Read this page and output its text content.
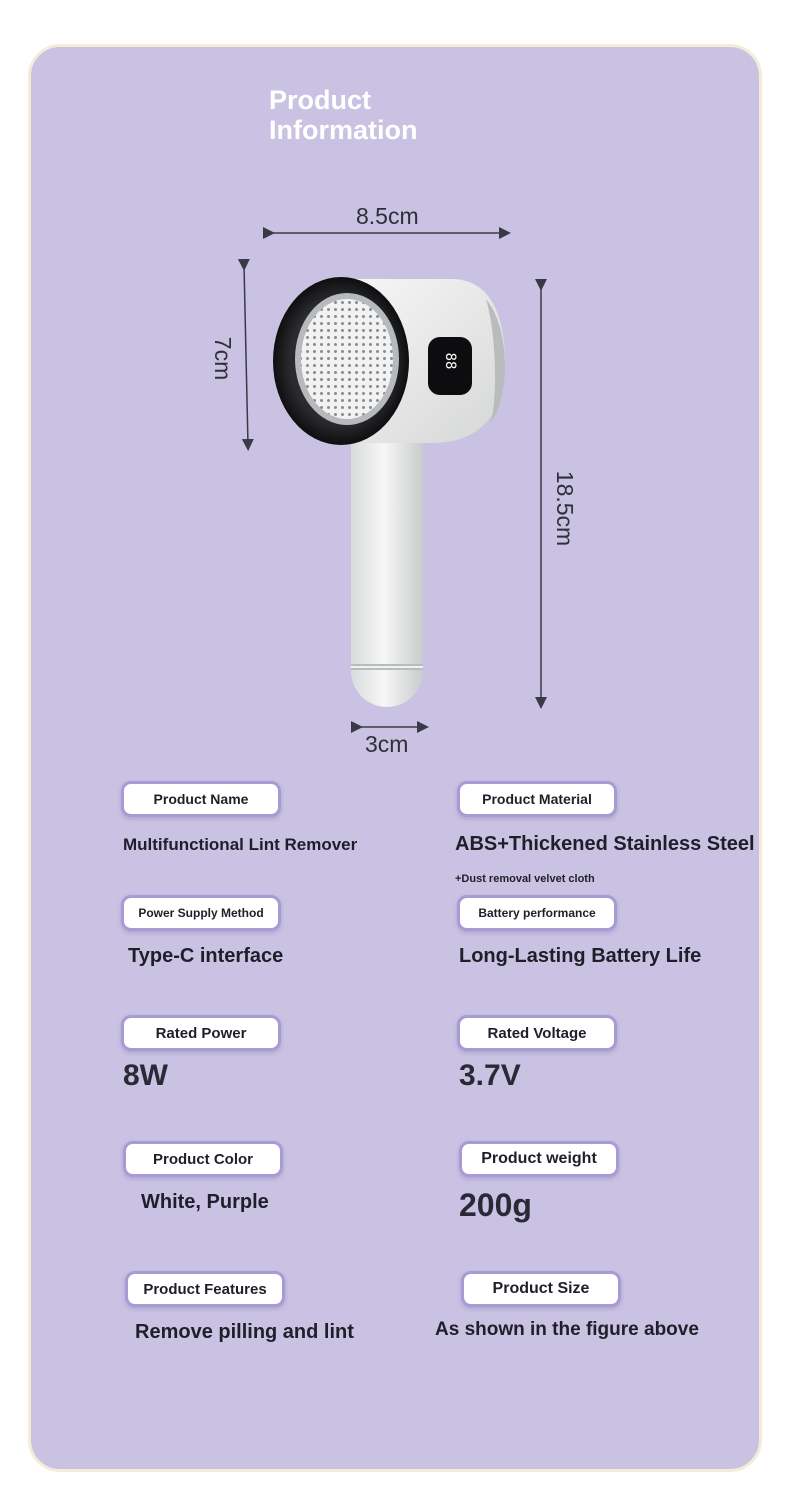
Product
Information
88
8.5cm
7cm
18.5cm
3cm
Product Name
Multifunctional Lint Remover
Product Material
ABS+Thickened Stainless Steel
+Dust removal velvet cloth
Power Supply Method
Type-C interface
Battery performance
Long-Lasting Battery Life
Rated Power
8W
Rated Voltage
3.7V
Product Color
White, Purple
Product weight
200g
Product Features
Remove pilling and lint
Product Size
As shown in the figure above
